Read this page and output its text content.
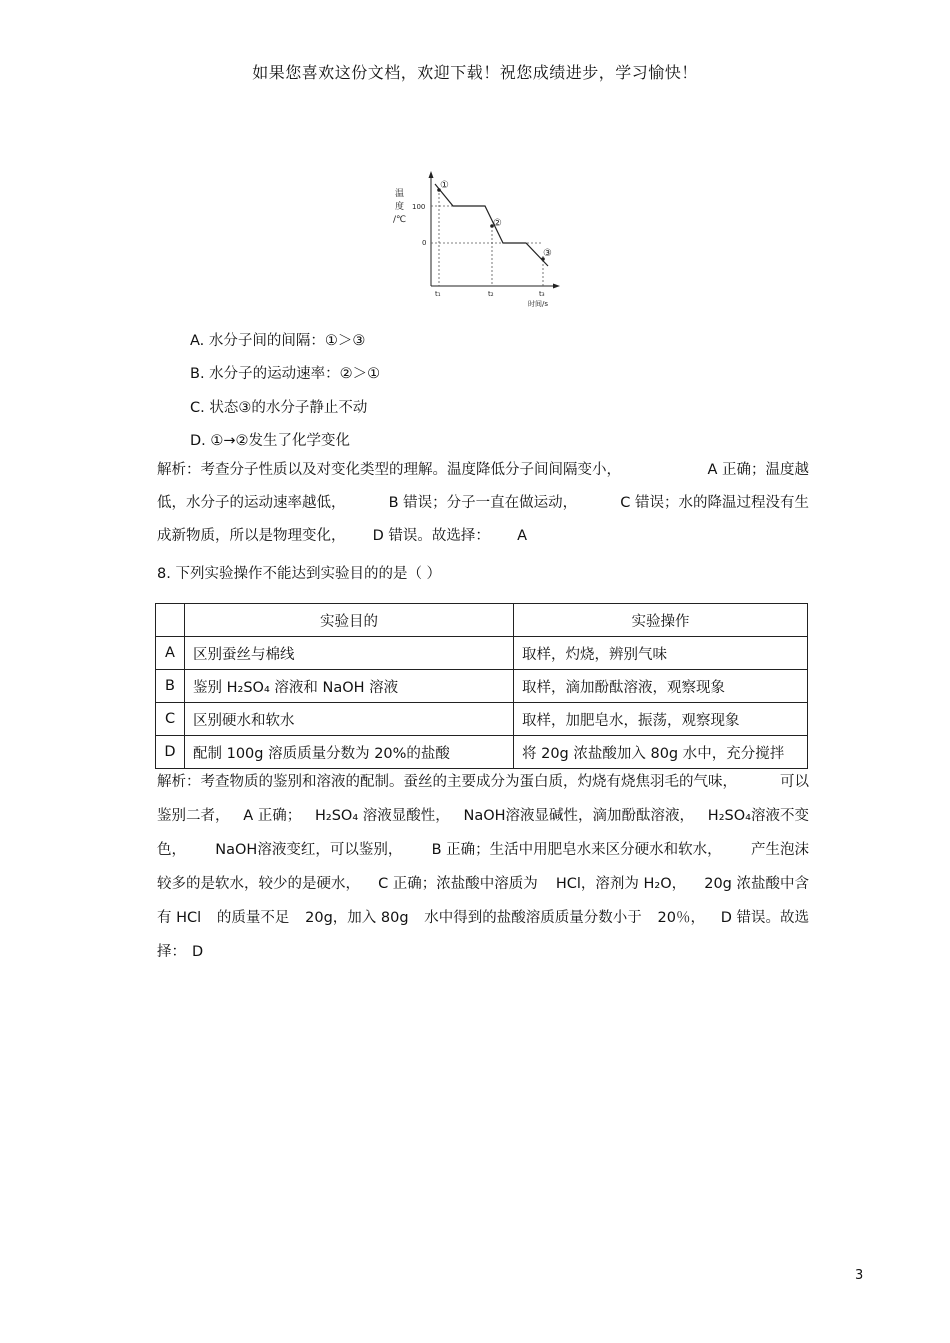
如果您喜欢这份文档，欢迎下载！祝您成绩进步，学习愉快！
温
度
/℃
100
0
①
②
③
t₁	t₂	t₃
时间/s
A. 水分子间的间隔：①＞③
B. 水分子的运动速率：②＞①
C. 状态③的水分子静止不动
D. ①→②发生了化学变化
解析：考查分子性质以及对变化类型的理解。温度降低分子间间隔变小，	A 正确；温度越
低，水分子的运动速率越低，	B 错误；分子一直在做运动，	C 错误；水的降温过程没有生
成新物质，所以是物理变化， D 错误。故选择： A
8. 下列实验操作不能达到实验目的的是（ ）
	实验目的	实验操作
A	区别蚕丝与棉线	取样，灼烧，辨别气味
B	鉴别 H₂SO₄ 溶液和 NaOH 溶液	取样，滴加酚酞溶液，观察现象
C	区别硬水和软水	取样，加肥皂水，振荡，观察现象
D	配制 100g 溶质质量分数为 20%的盐酸	将 20g 浓盐酸加入 80g 水中，充分搅拌
解析：考查物质的鉴别和溶液的配制。蚕丝的主要成分为蛋白质，灼烧有烧焦羽毛的气味，	可以
鉴别二者， A 正确； H₂SO₄ 溶液显酸性， NaOH溶液显碱性，滴加酚酞溶液， H₂SO₄溶液不变
色， NaOH溶液变红，可以鉴别， B 正确；生活中用肥皂水来区分硬水和软水， 产生泡沫
较多的是软水，较少的是硬水， C 正确；浓盐酸中溶质为 HCl，溶剂为 H₂O， 20g 浓盐酸中含
有 HCl 的质量不足 20g，加入 80g 水中得到的盐酸溶质质量分数小于 20％， D 错误。故选
择： D
3
